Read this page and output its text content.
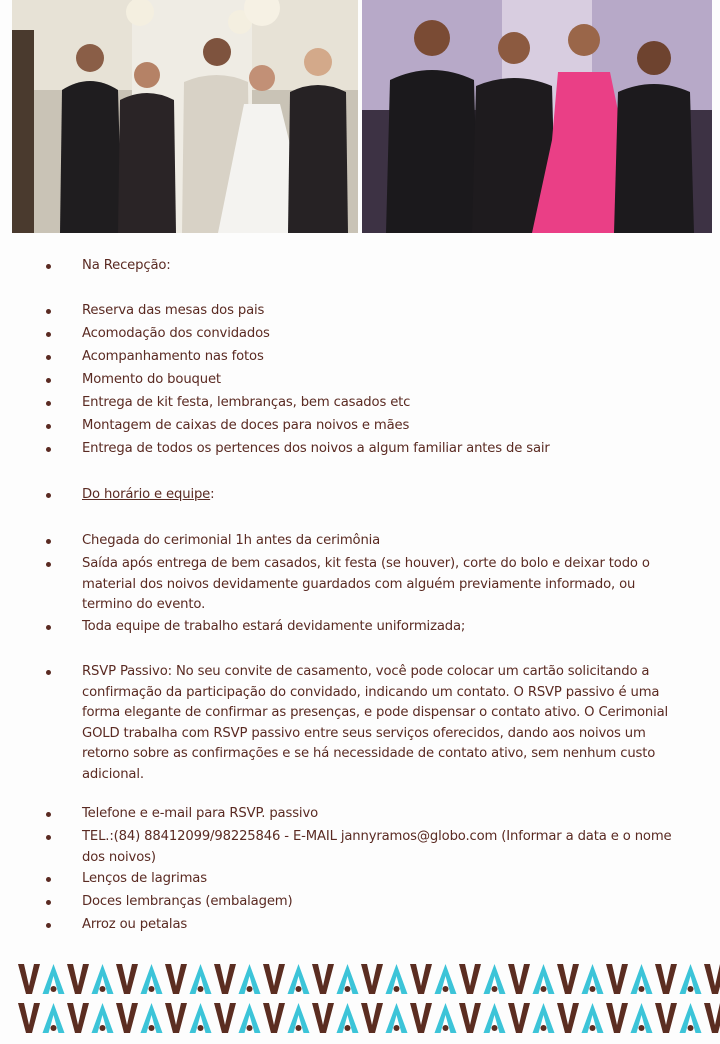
Na Recepção:
Reserva das mesas dos pais
Acomodação dos convidados
Acompanhamento nas fotos
Momento do bouquet
Entrega de kit festa, lembranças, bem casados etc
Montagem de caixas de doces para noivos e mães
Entrega de todos os pertences dos noivos a algum familiar antes de sair
Do horário e equipe:
Chegada do cerimonial 1h antes da cerimônia
Saída após entrega de bem casados, kit festa (se houver), corte do bolo e deixar todo o material dos noivos devidamente guardados com alguém previamente informado, ou termino do evento.
Toda equipe de trabalho estará devidamente uniformizada;
RSVP Passivo: No seu convite de casamento, você pode colocar um cartão solicitando a confirmação da participação do convidado, indicando um contato. O RSVP passivo é uma forma elegante de confirmar as presenças, e pode dispensar o contato ativo. O Cerimonial GOLD trabalha com RSVP passivo entre seus serviços oferecidos, dando aos noivos um retorno sobre as confirmações e se há necessidade de contato ativo, sem nenhum custo adicional.
Telefone e e-mail para RSVP. passivo
TEL.:(84) 88412099/98225846 - E-MAIL jannyramos@globo.com (Informar a data e o nome dos noivos)
Lenços de lagrimas
Doces lembranças (embalagem)
Arroz ou petalas
